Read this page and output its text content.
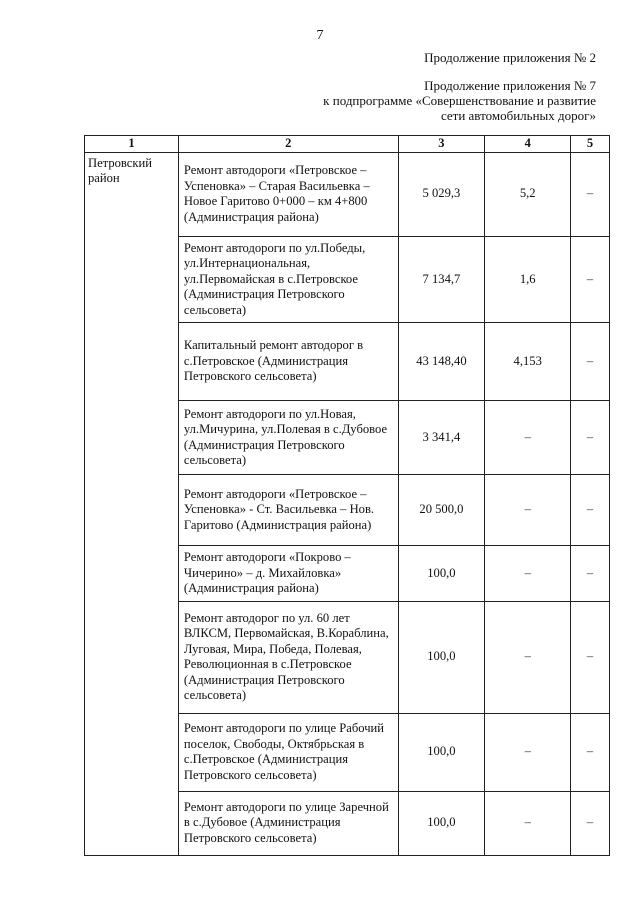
7
Продолжение приложения № 2
Продолжение приложения № 7
к подпрограмме «Совершенствование и развитие
сети автомобильных дорог»
1	2	3	4	5

Петровский
район	Ремонт автодороги «Петровское – Успеновка» – Старая Васильевка – Новое Гаритово 0+000 – км 4+800 (Администрация района)	5 029,3	5,2	–
	Ремонт автодороги по ул.Победы, ул.Интернациональная, ул.Первомайская в с.Петровское (Администрация Петровского сельсовета)	7 134,7	1,6	–
	Капитальный ремонт автодорог в с.Петровское (Администрация Петровского сельсовета)	43 148,40	4,153	–
	Ремонт автодороги по ул.Новая, ул.Мичурина, ул.Полевая в с.Дубовое (Администрация Петровского сельсовета)	3 341,4	–	–
	Ремонт автодороги «Петровское – Успеновка» - Ст. Васильевка – Нов. Гаритово (Администрация района)	20 500,0	–	–
	Ремонт автодороги «Покрово – Чичерино» – д. Михайловка» (Администрация района)	100,0	–	–
	Ремонт автодорог по ул. 60 лет ВЛКСМ, Первомайская, В.Кораблина, Луговая, Мира, Победа, Полевая, Революционная в с.Петровское (Администрация Петровского сельсовета)	100,0	–	–
	Ремонт автодороги по улице Рабочий поселок, Свободы, Октябрьская в с.Петровское (Администрация Петровского сельсовета)	100,0	–	–
	Ремонт автодороги по улице Заречной в с.Дубовое (Администрация Петровского сельсовета)	100,0	–	–
